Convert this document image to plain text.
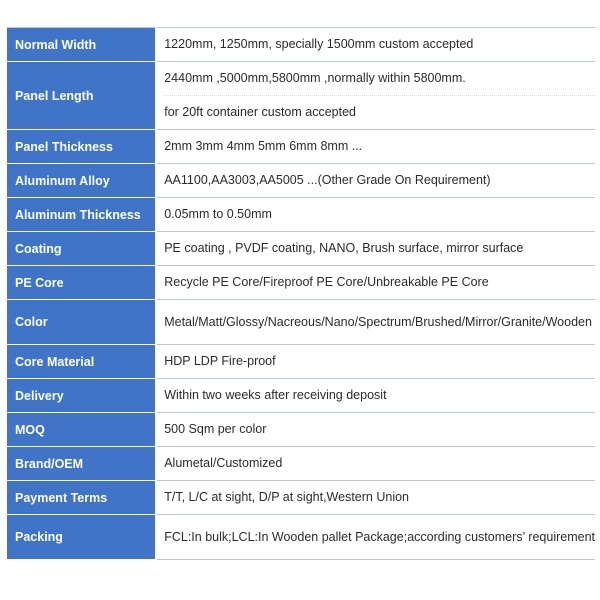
Normal Width	1220mm, 1250mm, specially 1500mm custom accepted

Panel Length	2440mm ,5000mm,5800mm ,normally within 5800mm.
for 20ft container custom accepted

Panel Thickness	2mm 3mm 4mm 5mm 6mm 8mm ...

Aluminum Alloy	AA1100,AA3003,AA5005 ...(Other Grade On Requirement)

Aluminum Thickness	0.05mm to 0.50mm

Coating	PE coating , PVDF coating, NANO, Brush surface, mirror surface

PE Core	Recycle PE Core/Fireproof PE Core/Unbreakable PE Core

Color	Metal/Matt/Glossy/Nacreous/Nano/Spectrum/Brushed/Mirror/Granite/Wooden

Core Material	HDP LDP Fire-proof

Delivery	Within two weeks after receiving deposit

MOQ	500 Sqm per color

Brand/OEM	Alumetal/Customized

Payment Terms	T/T, L/C at sight, D/P at sight,Western Union

Packing	FCL:In bulk;LCL:In Wooden pallet Package;according customers’ requirement
